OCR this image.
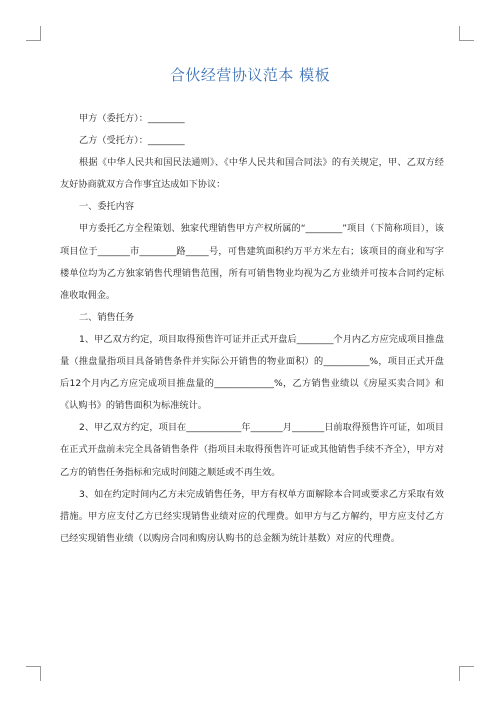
合伙经营协议范本 模板

甲方（委托方）：________

乙方（受托方）：________

根据《中华人民共和国民法通则》、《中华人民共和国合同法》的有关规定，甲、乙双方经友好协商就双方合作事宜达成如下协议：

一、委托内容

甲方委托乙方全程策划、独家代理销售甲方产权所属的“________”项目（下简称项目），该项目位于_______市________路_____号，可售建筑面积约万平方米左右；该项目的商业和写字楼单位均为乙方独家销售代理销售范围，所有可销售物业均视为乙方业绩并可按本合同约定标准收取佣金。

二、销售任务

1、甲乙双方约定，项目取得预售许可证并正式开盘后________个月内乙方应完成项目推盘量（推盘量指项目具备销售条件并实际公开销售的物业面积）的__________%，项目正式开盘后12个月内乙方应完成项目推盘量的_____________%，乙方销售业绩以《房屋买卖合同》和《认购书》的销售面积为标准统计。

2、甲乙双方约定，项目在____________年_______月_______日前取得预售许可证，如项目在正式开盘前未完全具备销售条件（指项目未取得预售许可证或其他销售手续不齐全），甲方对乙方的销售任务指标和完成时间随之顺延或不再生效。

3、如在约定时间内乙方未完成销售任务，甲方有权单方面解除本合同或要求乙方采取有效措施。甲方应支付乙方已经实现销售业绩对应的代理费。如甲方与乙方解约，甲方应支付乙方已经实现销售业绩（以购房合同和购房认购书的总金额为统计基数）对应的代理费。
